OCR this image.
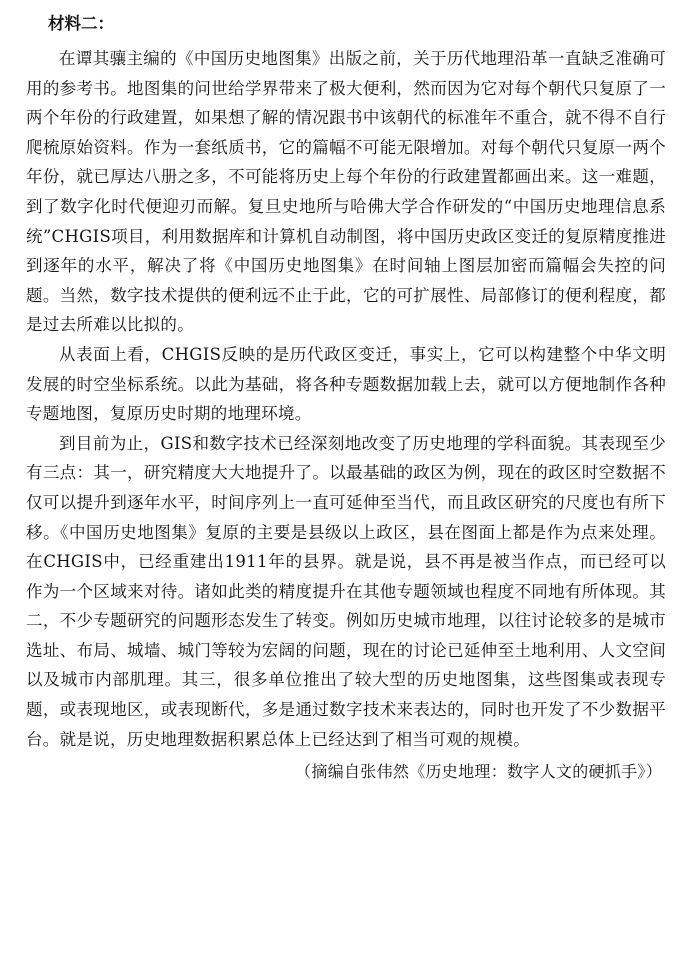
材料二：

在谭其骧主编的《中国历史地图集》出版之前，关于历代地理沿革一直缺乏准确可用的参考书。地图集的问世给学界带来了极大便利，然而因为它对每个朝代只复原了一两个年份的行政建置，如果想了解的情况跟书中该朝代的标准年不重合，就不得不自行爬梳原始资料。作为一套纸质书，它的篇幅不可能无限增加。对每个朝代只复原一两个年份，就已厚达八册之多，不可能将历史上每个年份的行政建置都画出来。这一难题，到了数字化时代便迎刃而解。复旦史地所与哈佛大学合作研发的“中国历史地理信息系统”CHGIS项目，利用数据库和计算机自动制图，将中国历史政区变迁的复原精度推进到逐年的水平，解决了将《中国历史地图集》在时间轴上图层加密而篇幅会失控的问题。当然，数字技术提供的便利远不止于此，它的可扩展性、局部修订的便利程度，都是过去所难以比拟的。

从表面上看，CHGIS反映的是历代政区变迁，事实上，它可以构建整个中华文明发展的时空坐标系统。以此为基础，将各种专题数据加载上去，就可以方便地制作各种专题地图，复原历史时期的地理环境。

到目前为止，GIS和数字技术已经深刻地改变了历史地理的学科面貌。其表现至少有三点：其一，研究精度大大地提升了。以最基础的政区为例，现在的政区时空数据不仅可以提升到逐年水平，时间序列上一直可延伸至当代，而且政区研究的尺度也有所下移。《中国历史地图集》复原的主要是县级以上政区，县在图面上都是作为点来处理。在CHGIS中，已经重建出1911年的县界。就是说，县不再是被当作点，而已经可以作为一个区域来对待。诸如此类的精度提升在其他专题领域也程度不同地有所体现。其二，不少专题研究的问题形态发生了转变。例如历史城市地理，以往讨论较多的是城市选址、布局、城墙、城门等较为宏阔的问题，现在的讨论已延伸至土地利用、人文空间以及城市内部肌理。其三，很多单位推出了较大型的历史地图集，这些图集或表现专题，或表现地区，或表现断代，多是通过数字技术来表达的，同时也开发了不少数据平台。就是说，历史地理数据积累总体上已经达到了相当可观的规模。

（摘编自张伟然《历史地理：数字人文的硬抓手》）
